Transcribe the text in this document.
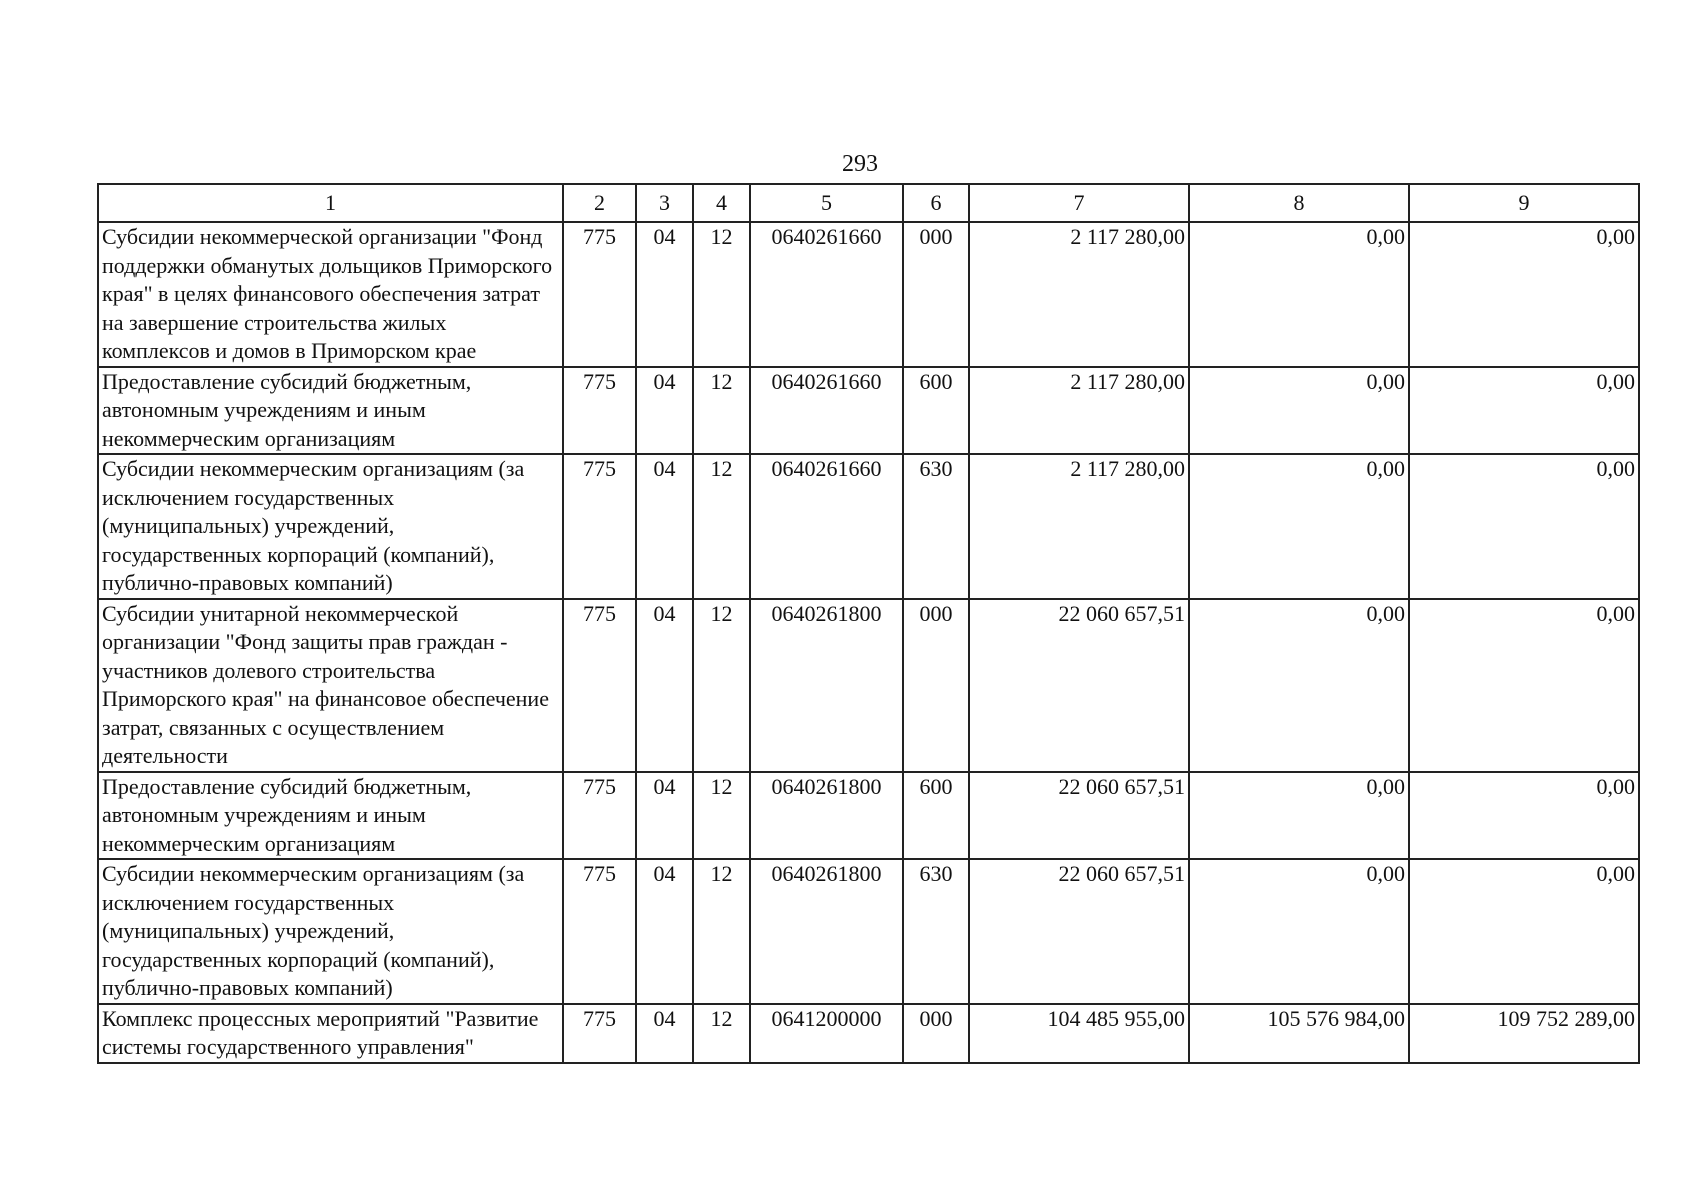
293
1	2	3	4	5	6	7	8	9
Субсидии некоммерческой организации "Фонд поддержки обманутых дольщиков Приморского края" в целях финансового обеспечения затрат на завершение строительства жилых комплексов и домов в Приморском крае	775	04	12	0640261660	000	2 117 280,00	0,00	0,00
Предоставление субсидий бюджетным, автономным учреждениям и иным некоммерческим организациям	775	04	12	0640261660	600	2 117 280,00	0,00	0,00
Субсидии некоммерческим организациям (за исключением государственных (муниципальных) учреждений, государственных корпораций (компаний), публично-правовых компаний)	775	04	12	0640261660	630	2 117 280,00	0,00	0,00
Субсидии унитарной некоммерческой организации "Фонд защиты прав граждан - участников долевого строительства Приморского края" на финансовое обеспечение затрат, связанных с осуществлением деятельности	775	04	12	0640261800	000	22 060 657,51	0,00	0,00
Предоставление субсидий бюджетным, автономным учреждениям и иным некоммерческим организациям	775	04	12	0640261800	600	22 060 657,51	0,00	0,00
Субсидии некоммерческим организациям (за исключением государственных (муниципальных) учреждений, государственных корпораций (компаний), публично-правовых компаний)	775	04	12	0640261800	630	22 060 657,51	0,00	0,00
Комплекс процессных мероприятий "Развитие системы государственного управления"	775	04	12	0641200000	000	104 485 955,00	105 576 984,00	109 752 289,00
